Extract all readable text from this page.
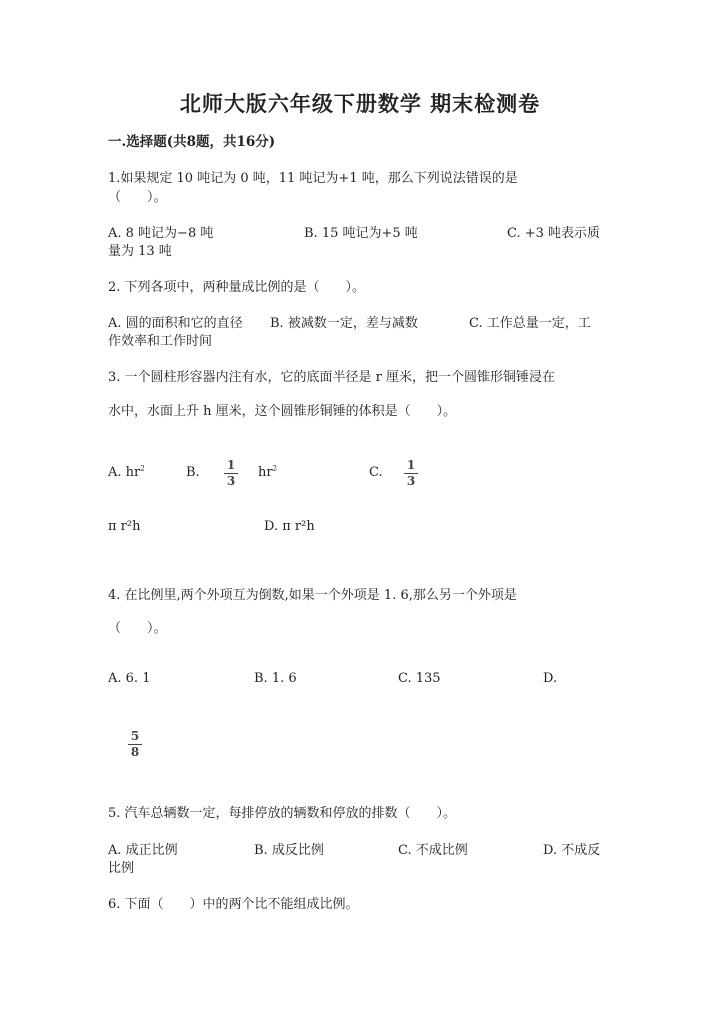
北师大版六年级下册数学 期末检测卷
一.选择题(共8题，共16分)
1.如果规定 10 吨记为 0 吨，11 吨记为+1 吨，那么下列说法错误的是
（　　）。
A. 8 吨记为−8 吨	B. 15 吨记为+5 吨	C. +3 吨表示质
量为 13 吨
2. 下列各项中，两种量成比例的是（　　）。
A. 圆的面积和它的直径 B. 被减数一定，差与减数	C. 工作总量一定，工
作效率和工作时间
3. 一个圆柱形容器内注有水，它的底面半径是 r 厘米，把一个圆锥形铜锤浸在
水中，水面上升 h 厘米，这个圆锥形铜锤的体积是（　　）。
A. $hr^2$	B. 1
3
$hr^2$	C. 1
3
π r²h	D. π r²h
4. 在比例里,两个外项互为倒数,如果一个外项是 1. 6,那么另一个外项是
（　　）。
A. 6. 1	B. 1. 6	C. 135	D.
5
8
5. 汽车总辆数一定，每排停放的辆数和停放的排数（　　）。
A. 成正比例	B. 成反比例	C. 不成比例	D. 不成反
比例
6. 下面（　　）中的两个比不能组成比例。
